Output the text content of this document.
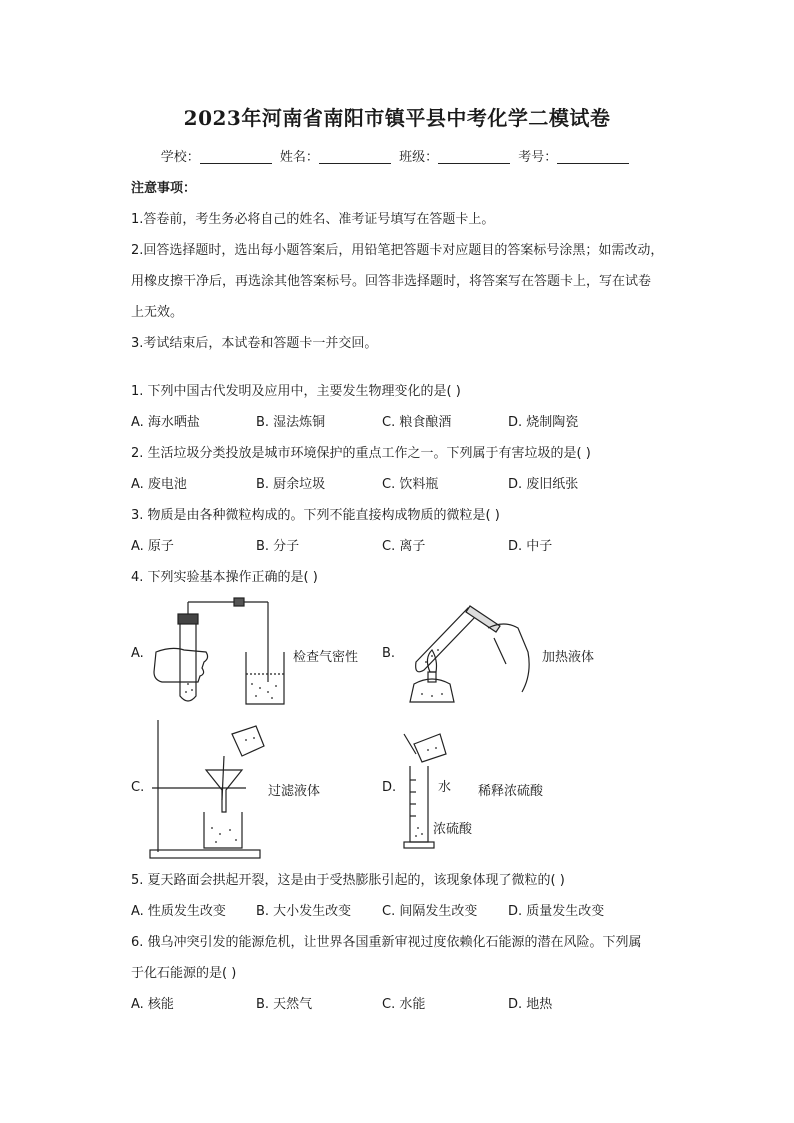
2023年河南省南阳市镇平县中考化学二模试卷
学校：	姓名：	班级：	考号：
注意事项：
1.答卷前，考生务必将自己的姓名、准考证号填写在答题卡上。
2.回答选择题时，选出每小题答案后，用铅笔把答题卡对应题目的答案标号涂黑；如需改动，
用橡皮擦干净后，再选涂其他答案标号。回答非选择题时，将答案写在答题卡上，写在试卷
上无效。
3.考试结束后，本试卷和答题卡一并交回。
1. 下列中国古代发明及应用中，主要发生物理变化的是( )
A. 海水晒盐	B. 湿法炼铜	C. 粮食酿酒	D. 烧制陶瓷
2. 生活垃圾分类投放是城市环境保护的重点工作之一。下列属于有害垃圾的是( )
A. 废电池	B. 厨余垃圾	C. 饮料瓶	D. 废旧纸张
3. 物质是由各种微粒构成的。下列不能直接构成物质的微粒是( )
A. 原子	B. 分子	C. 离子	D. 中子
4. 下列实验基本操作正确的是( )
A.	检查气密性 B.	加热液体
C.	过滤液体	D.	水
浓硫酸
稀释浓硫酸
5. 夏天路面会拱起开裂，这是由于受热膨胀引起的，该现象体现了微粒的( )
A. 性质发生改变 B. 大小发生改变 C. 间隔发生改变 D. 质量发生改变
6. 俄乌冲突引发的能源危机，让世界各国重新审视过度依赖化石能源的潜在风险。下列属
于化石能源的是( )
A. 核能	B. 天然气	C. 水能	D. 地热
